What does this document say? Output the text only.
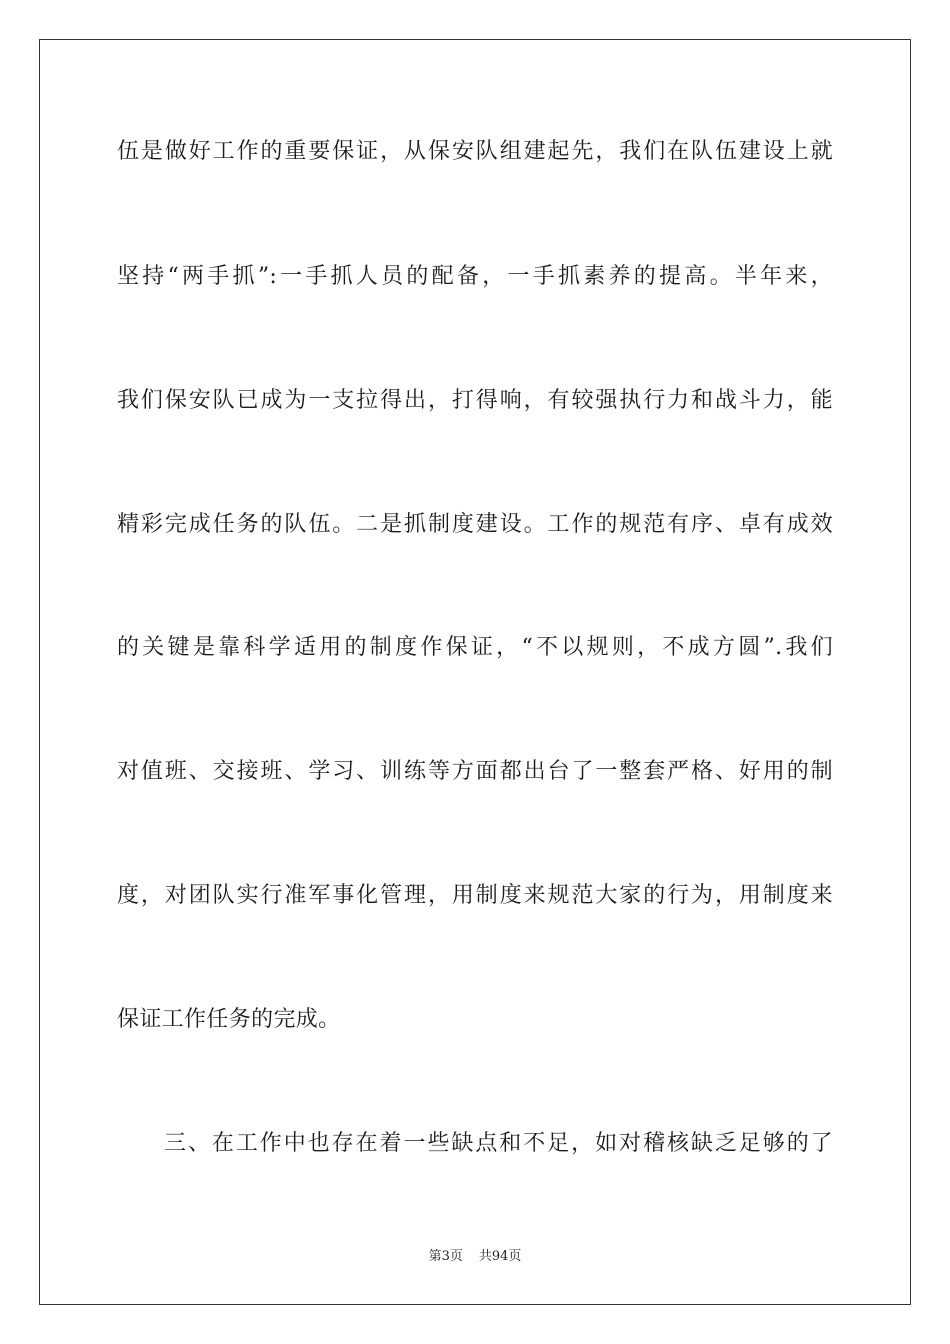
伍是做好工作的重要保证，从保安队组建起先，我们在队伍建设上就
坚持“两手抓”:一手抓人员的配备，一手抓素养的提高。半年来，
我们保安队已成为一支拉得出，打得响，有较强执行力和战斗力，能
精彩完成任务的队伍。二是抓制度建设。工作的规范有序、卓有成效
的关键是靠科学适用的制度作保证，“不以规则，不成方圆”.我们
对值班、交接班、学习、训练等方面都出台了一整套严格、好用的制
度，对团队实行准军事化管理，用制度来规范大家的行为，用制度来
保证工作任务的完成。
三、在工作中也存在着一些缺点和不足，如对稽核缺乏足够的了
第3页 共94页
